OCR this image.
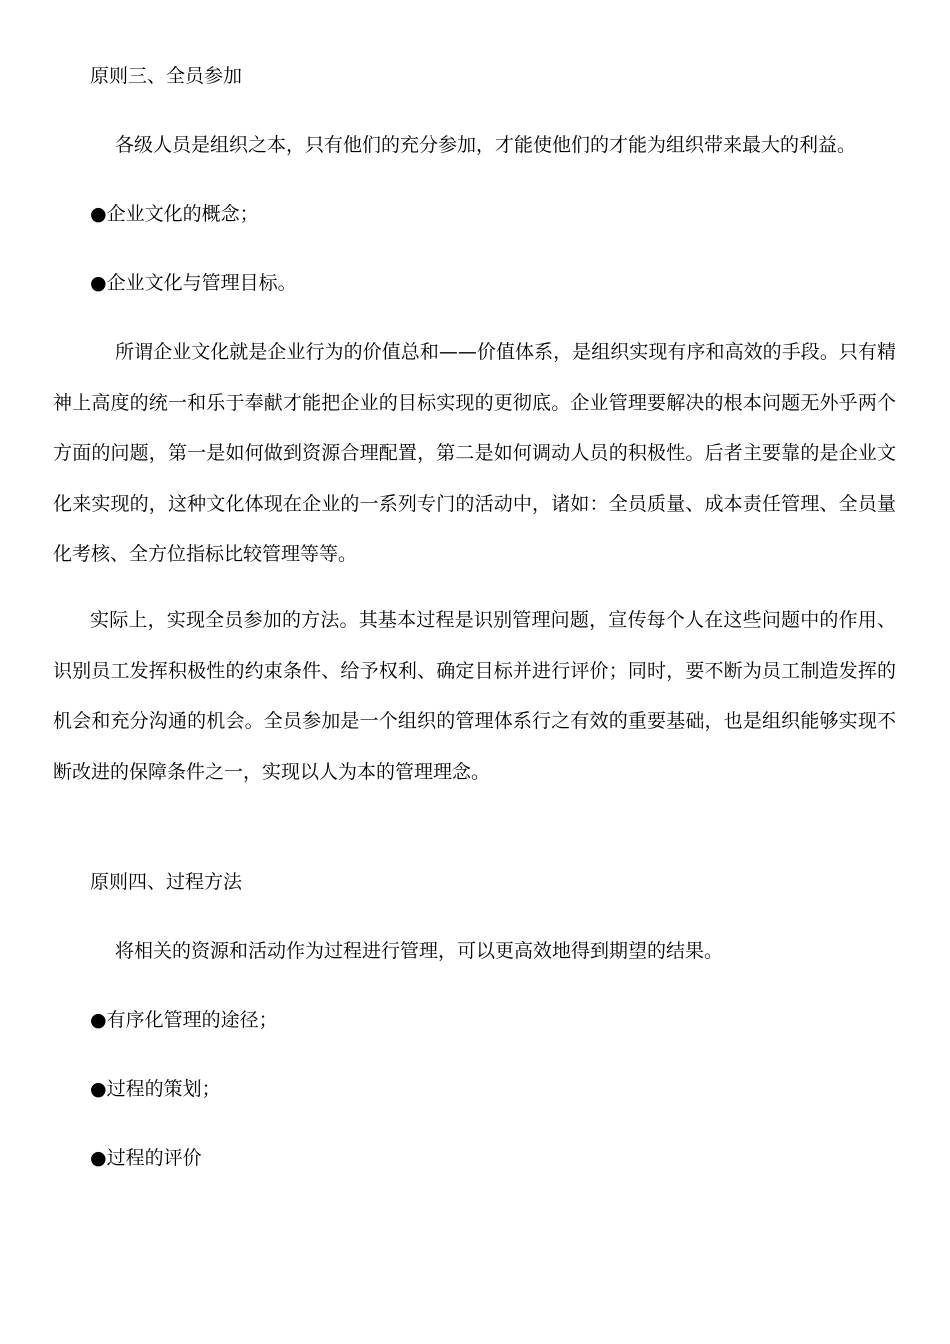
原则三、全员参加
各级人员是组织之本，只有他们的充分参加，才能使他们的才能为组织带来最大的利益。
●企业文化的概念；
●企业文化与管理目标。
所谓企业文化就是企业行为的价值总和——价值体系，是组织实现有序和高效的手段。只有精神上高度的统一和乐于奉献才能把企业的目标实现的更彻底。企业管理要解决的根本问题无外乎两个方面的问题，第一是如何做到资源合理配置，第二是如何调动人员的积极性。后者主要靠的是企业文化来实现的，这种文化体现在企业的一系列专门的活动中，诸如：全员质量、成本责任管理、全员量化考核、全方位指标比较管理等等。
实际上，实现全员参加的方法。其基本过程是识别管理问题，宣传每个人在这些问题中的作用、识别员工发挥积极性的约束条件、给予权利、确定目标并进行评价；同时，要不断为员工制造发挥的机会和充分沟通的机会。全员参加是一个组织的管理体系行之有效的重要基础，也是组织能够实现不断改进的保障条件之一，实现以人为本的管理理念。
原则四、过程方法
将相关的资源和活动作为过程进行管理，可以更高效地得到期望的结果。
●有序化管理的途径；
●过程的策划；
●过程的评价
